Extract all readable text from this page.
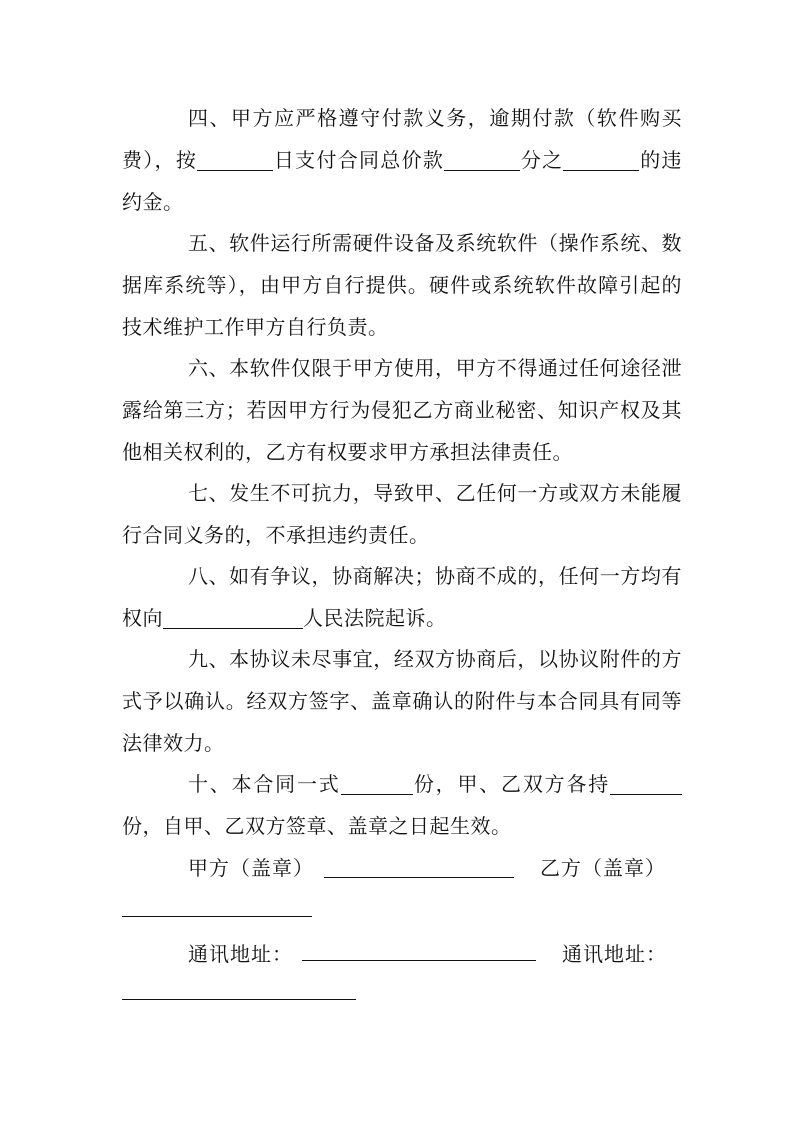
四、甲方应严格遵守付款义务，逾期付款（软件购买费），按	日支付合同总价款	分之	的违约金。
五、软件运行所需硬件设备及系统软件（操作系统、数据库系统等），由甲方自行提供。硬件或系统软件故障引起的技术维护工作甲方自行负责。
六、本软件仅限于甲方使用，甲方不得通过任何途径泄露给第三方；若因甲方行为侵犯乙方商业秘密、知识产权及其他相关权利的，乙方有权要求甲方承担法律责任。
七、发生不可抗力，导致甲、乙任何一方或双方未能履行合同义务的，不承担违约责任。
八、如有争议，协商解决；协商不成的，任何一方均有权向	人民法院起诉。
九、本协议未尽事宜，经双方协商后，以协议附件的方式予以确认。经双方签字、盖章确认的附件与本合同具有同等法律效力。
十、本合同一式	份，甲、乙双方各持份，自甲、乙双方签章、盖章之日起生效。
甲方（盖章）	乙方（盖章）
通讯地址：	通讯地址：
